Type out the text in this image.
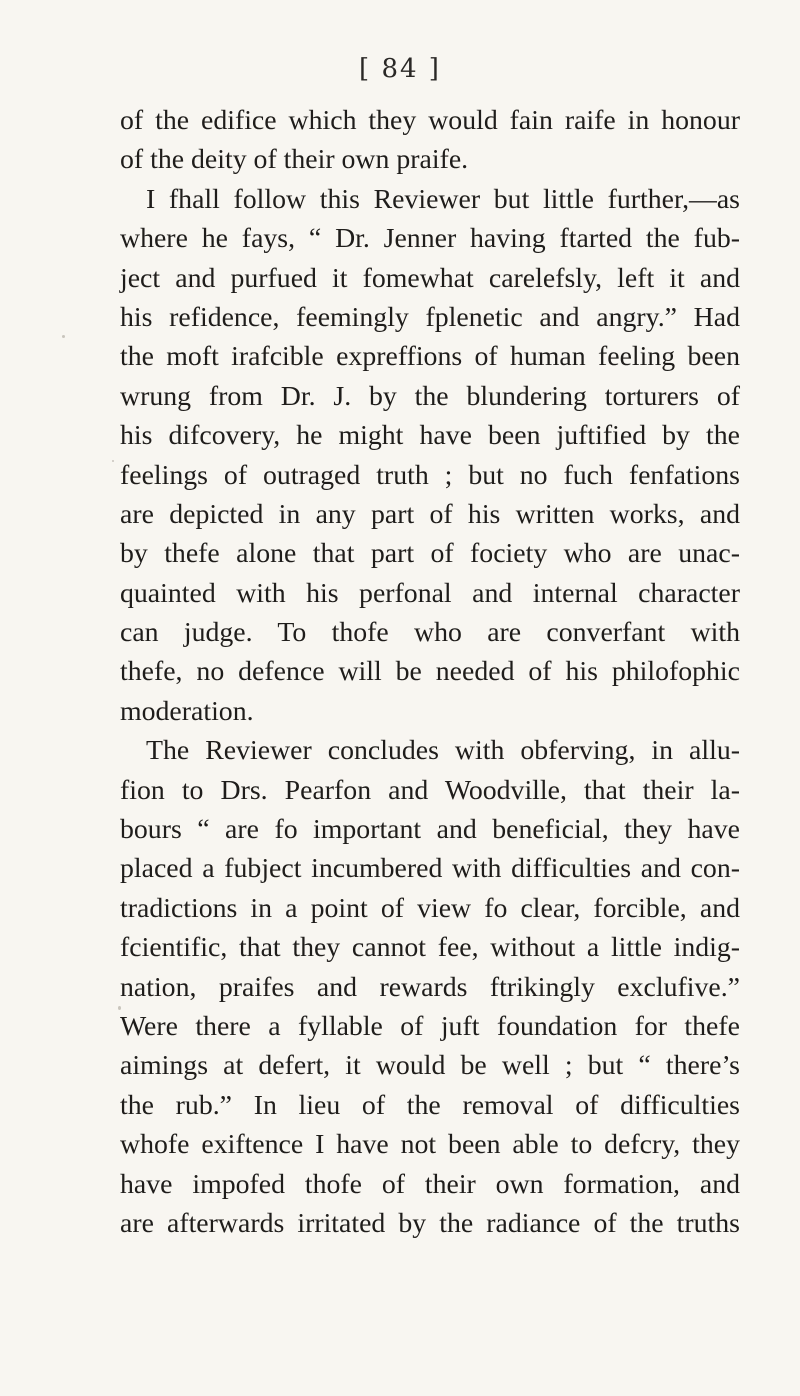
[ 84 ]
of the edifice which they would fain raife in honour
of the deity of their own praife.
I fhall follow this Reviewer but little further,—as
where he fays, “ Dr. Jenner having ftarted the fub-
ject and purfued it fomewhat carelefsly, left it and
his refidence, feemingly fplenetic and angry.” Had
the moft irafcible expreffions of human feeling been
wrung from Dr. J. by the blundering torturers of
his difcovery, he might have been juftified by the
feelings of outraged truth ; but no fuch fenfations
are depicted in any part of his written works, and
by thefe alone that part of fociety who are unac-
quainted with his perfonal and internal character
can judge. To thofe who are converfant with
thefe, no defence will be needed of his philofophic
moderation.
The Reviewer concludes with obferving, in allu-
fion to Drs. Pearfon and Woodville, that their la-
bours “ are fo important and beneficial, they have
placed a fubject incumbered with difficulties and con-
tradictions in a point of view fo clear, forcible, and
fcientific, that they cannot fee, without a little indig-
nation, praifes and rewards ftrikingly exclufive.”
Were there a fyllable of juft foundation for thefe
aimings at defert, it would be well ; but “ there’s
the rub.” In lieu of the removal of difficulties
whofe exiftence I have not been able to defcry, they
have impofed thofe of their own formation, and
are afterwards irritated by the radiance of the truths
